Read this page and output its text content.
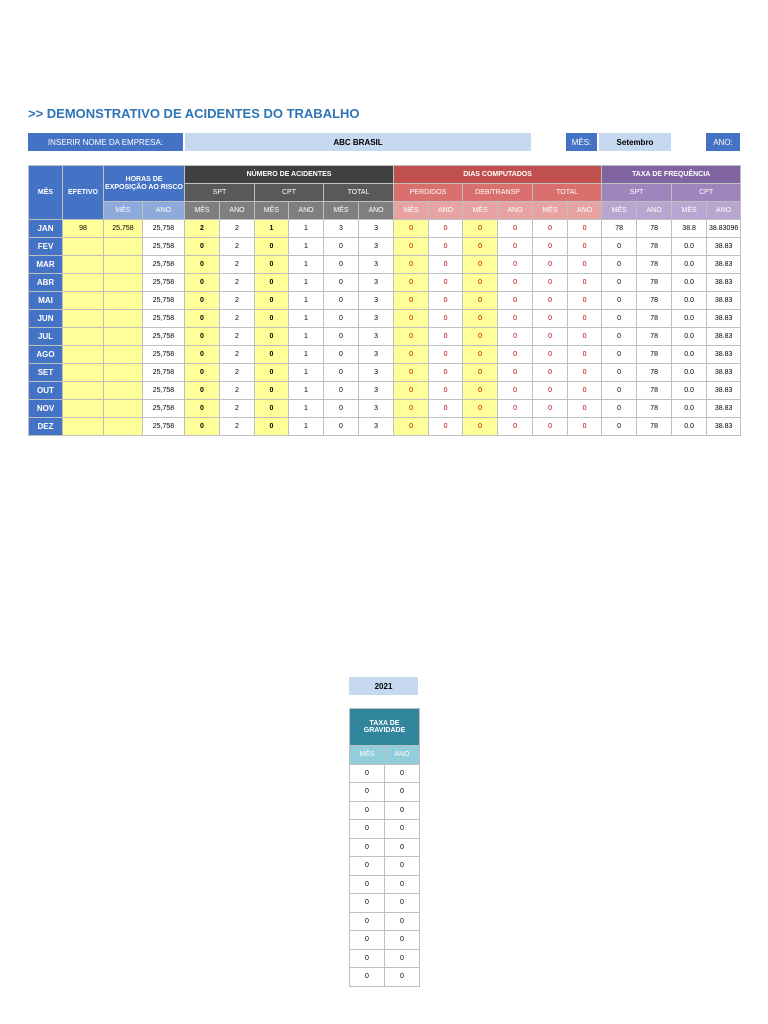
>> DEMONSTRATIVO DE ACIDENTES DO TRABALHO
INSERIR NOME DA EMPRESA:	ABC BRASIL	MÊS:	Setembro	ANO:
MÊS	EFETIVO	HORAS DE EXPOSIÇÃO AO RISCO		NÚMERO DE ACIDENTES						DIAS COMPUTADOS						TAXA DE FREQUÊNCIA			
				SPT		CPT		TOTAL		PERDIDOS		DEB/TRANSP		TOTAL		SPT		CPT	
		MÊS	ANO	MÊS	ANO	MÊS	ANO	MÊS	ANO	MÊS	ANO	MÊS	ANO	MÊS	ANO	MÊS	ANO	MÊS	ANO
JAN	98	25,758	25,758	2	2	1	1	3	3	0	0	0	0	0	0	78	78	38.8	38.83096
FEV			25,758	0	2	0	1	0	3	0	0	0	0	0	0	0	78	0.0	38.83
MAR			25,758	0	2	0	1	0	3	0	0	0	0	0	0	0	78	0.0	38.83
ABR			25,758	0	2	0	1	0	3	0	0	0	0	0	0	0	78	0.0	38.83
MAI			25,758	0	2	0	1	0	3	0	0	0	0	0	0	0	78	0.0	38.83
JUN			25,758	0	2	0	1	0	3	0	0	0	0	0	0	0	78	0.0	38.83
JUL			25,758	0	2	0	1	0	3	0	0	0	0	0	0	0	78	0.0	38.83
AGO			25,758	0	2	0	1	0	3	0	0	0	0	0	0	0	78	0.0	38.83
SET			25,758	0	2	0	1	0	3	0	0	0	0	0	0	0	78	0.0	38.83
OUT			25,758	0	2	0	1	0	3	0	0	0	0	0	0	0	78	0.0	38.83
NOV			25,758	0	2	0	1	0	3	0	0	0	0	0	0	0	78	0.0	38.83
DEZ			25,758	0	2	0	1	0	3	0	0	0	0	0	0	0	78	0.0	38.83
2021
TAXA DE GRAVIDADE	
MÊS	ANO
0	0
0	0
0	0
0	0
0	0
0	0
0	0
0	0
0	0
0	0
0	0
0	0
